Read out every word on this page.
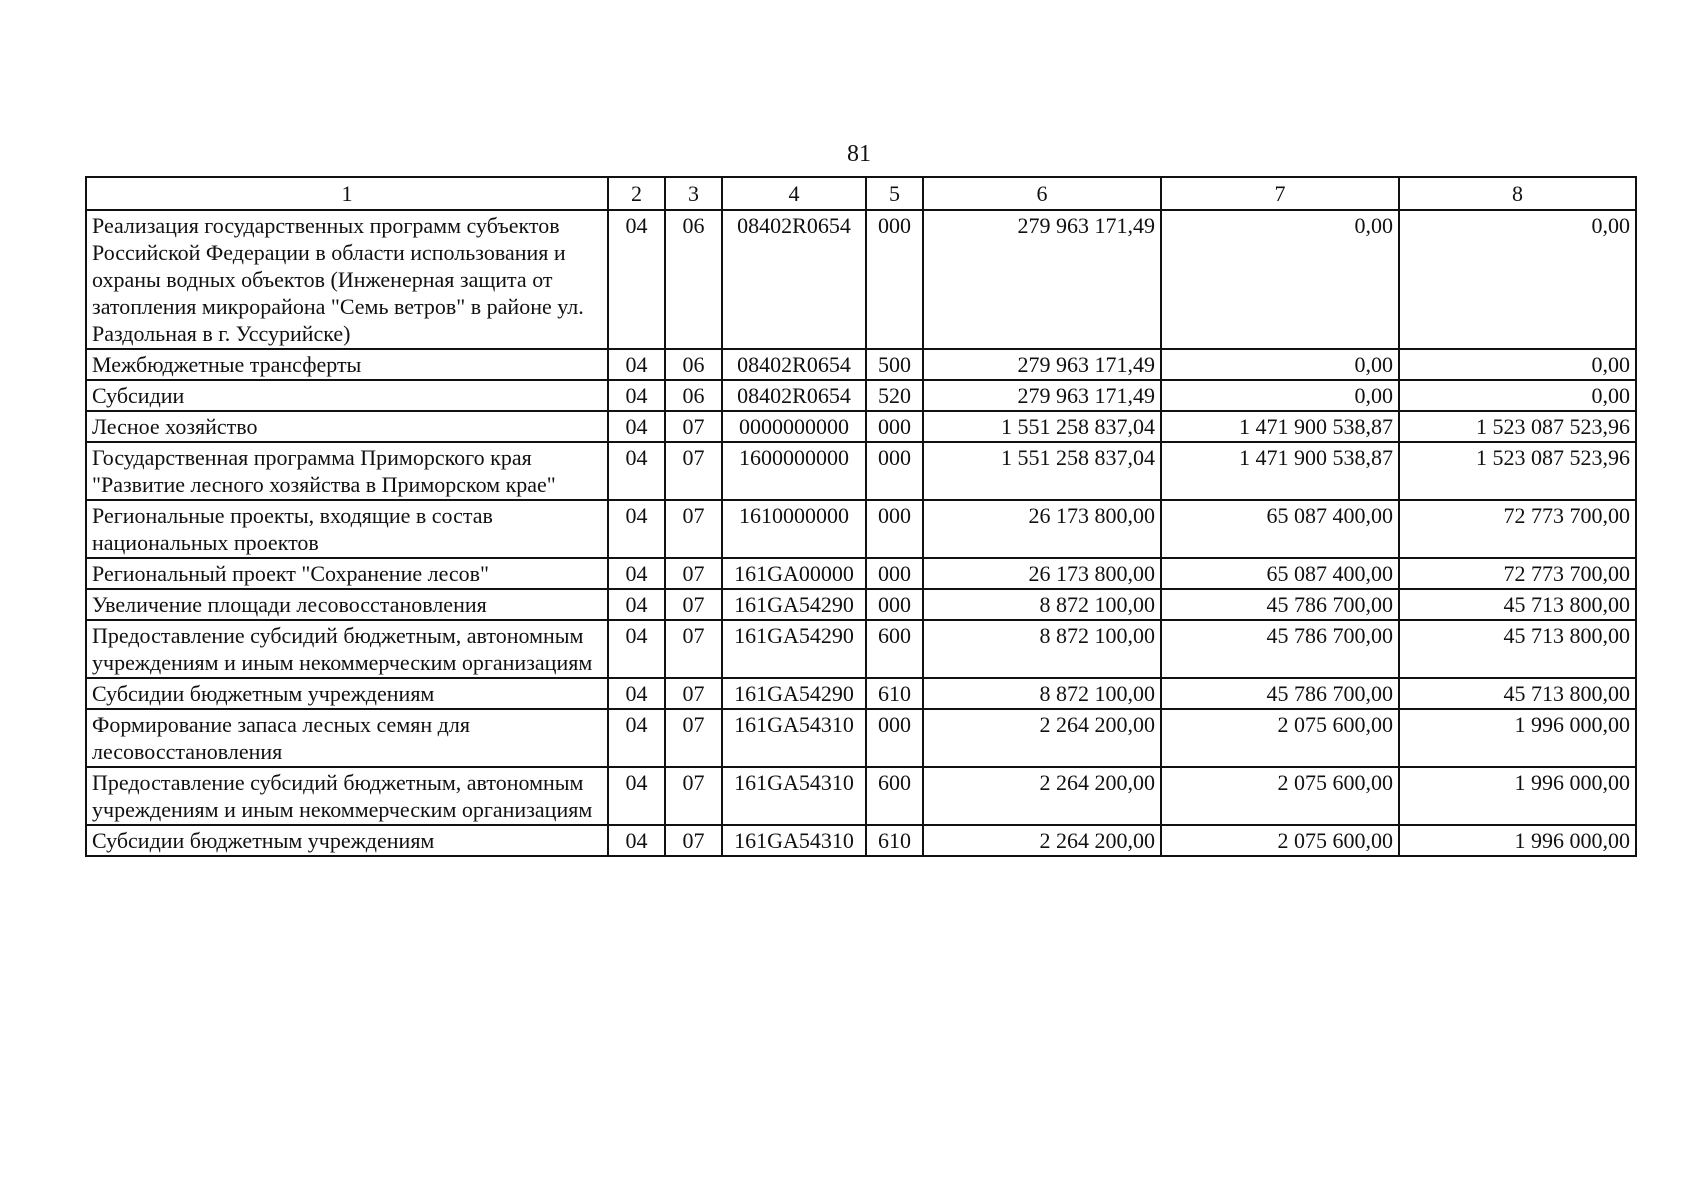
81
1	2	3	4	5	6	7	8
Реализация государственных программ субъектов Российской Федерации в области использования и охраны водных объектов (Инженерная защита от затопления микрорайона "Семь ветров" в районе ул. Раздольная в г. Уссурийске)	04	06	08402R0654	000	279 963 171,49	0,00	0,00
Межбюджетные трансферты	04	06	08402R0654	500	279 963 171,49	0,00	0,00
Субсидии	04	06	08402R0654	520	279 963 171,49	0,00	0,00
Лесное хозяйство	04	07	0000000000	000	1 551 258 837,04	1 471 900 538,87	1 523 087 523,96
Государственная программа Приморского края "Развитие лесного хозяйства в Приморском крае"	04	07	1600000000	000	1 551 258 837,04	1 471 900 538,87	1 523 087 523,96
Региональные проекты, входящие в состав национальных проектов	04	07	1610000000	000	26 173 800,00	65 087 400,00	72 773 700,00
Региональный проект "Сохранение лесов"	04	07	161GA00000	000	26 173 800,00	65 087 400,00	72 773 700,00
Увеличение площади лесовосстановления	04	07	161GA54290	000	8 872 100,00	45 786 700,00	45 713 800,00
Предоставление субсидий бюджетным, автономным учреждениям и иным некоммерческим организациям	04	07	161GA54290	600	8 872 100,00	45 786 700,00	45 713 800,00
Субсидии бюджетным учреждениям	04	07	161GA54290	610	8 872 100,00	45 786 700,00	45 713 800,00
Формирование запаса лесных семян для лесовосстановления	04	07	161GA54310	000	2 264 200,00	2 075 600,00	1 996 000,00
Предоставление субсидий бюджетным, автономным учреждениям и иным некоммерческим организациям	04	07	161GA54310	600	2 264 200,00	2 075 600,00	1 996 000,00
Субсидии бюджетным учреждениям	04	07	161GA54310	610	2 264 200,00	2 075 600,00	1 996 000,00
